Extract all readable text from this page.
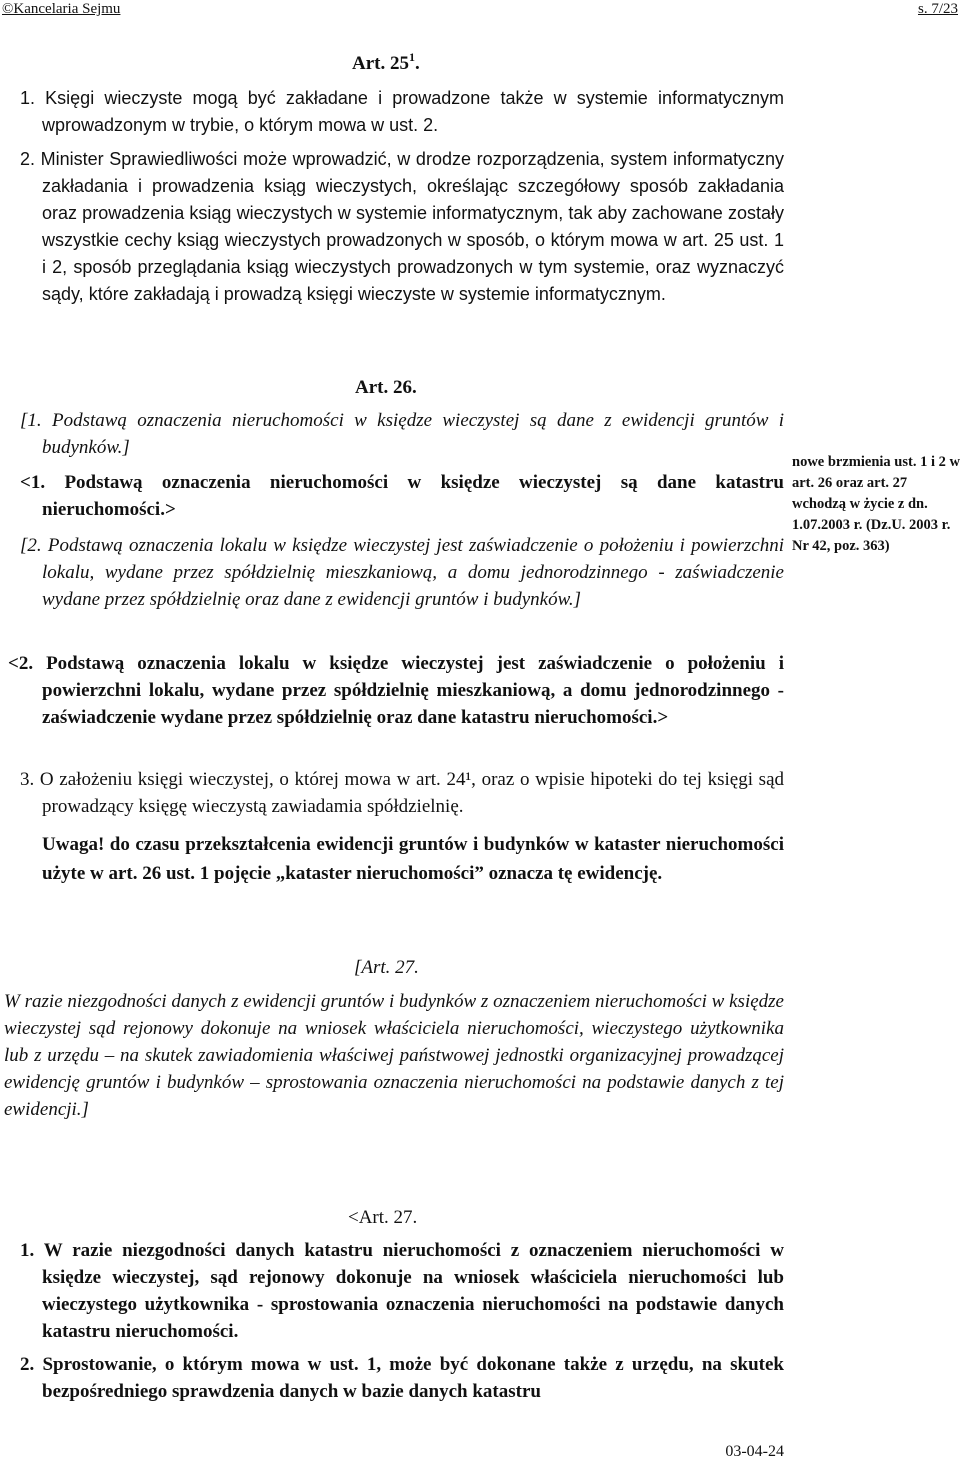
©Kancelaria Sejmu	s. 7/23
Art. $25^1$.

1. Księgi wieczyste mogą być zakładane i prowadzone także w systemie informatycznym wprowadzonym w trybie, o którym mowa w ust. 2.

2. Minister Sprawiedliwości może wprowadzić, w drodze rozporządzenia, system informatyczny zakładania i prowadzenia ksiąg wieczystych, określając szczegółowy sposób zakładania oraz prowadzenia ksiąg wieczystych w systemie informatycznym, tak aby zachowane zostały wszystkie cechy ksiąg wieczystych prowadzonych w sposób, o którym mowa w art. 25 ust. 1 i 2, sposób przeglądania ksiąg wieczystych prowadzonych w tym systemie, oraz wyznaczyć sądy, które zakładają i prowadzą księgi wieczyste w systemie informatycznym.

Art. 26.

[1. Podstawą oznaczenia nieruchomości w księdze wieczystej są dane z ewidencji gruntów i budynków.]

<1. Podstawą oznaczenia nieruchomości w księdze wieczystej są dane katastru nieruchomości.>

[2. Podstawą oznaczenia lokalu w księdze wieczystej jest zaświadczenie o położeniu i powierzchni lokalu, wydane przez spółdzielnię mieszkaniową, a domu jednorodzinnego - zaświadczenie wydane przez spółdzielnię oraz dane z ewidencji gruntów i budynków.]

<2. Podstawą oznaczenia lokalu w księdze wieczystej jest zaświadczenie o położeniu i powierzchni lokalu, wydane przez spółdzielnię mieszkaniową, a domu jednorodzinnego - zaświadczenie wydane przez spółdzielnię oraz dane katastru nieruchomości.>

3. O założeniu księgi wieczystej, o której mowa w art. 24¹, oraz o wpisie hipoteki do tej księgi sąd prowadzący księgę wieczystą zawiadamia spółdzielnię.

Uwaga! do czasu przekształcenia ewidencji gruntów i budynków w kataster nieruchomości użyte w art. 26 ust. 1 pojęcie „kataster nieruchomości” oznacza tę ewidencję.

nowe brzmienia ust. 1 i 2 w art. 26 oraz art. 27 wchodzą w życie z dn. 1.07.2003 r. (Dz.U. 2003 r. Nr 42, poz. 363)
[Art. 27.

W razie niezgodności danych z ewidencji gruntów i budynków z oznaczeniem nieruchomości w księdze wieczystej sąd rejonowy dokonuje na wniosek właściciela nieruchomości, wieczystego użytkownika lub z urzędu – na skutek zawiadomienia właściwej państwowej jednostki organizacyjnej prowadzącej ewidencję gruntów i budynków – sprostowania oznaczenia nieruchomości na podstawie danych z tej ewidencji.]

<Art. 27.

1. W razie niezgodności danych katastru nieruchomości z oznaczeniem nieruchomości w księdze wieczystej, sąd rejonowy dokonuje na wniosek właściciela nieruchomości lub wieczystego użytkownika - sprostowania oznaczenia nieruchomości na podstawie danych katastru nieruchomości.

2. Sprostowanie, o którym mowa w ust. 1, może być dokonane także z urzędu, na skutek bezpośredniego sprawdzenia danych w bazie danych katastru

03-04-24
